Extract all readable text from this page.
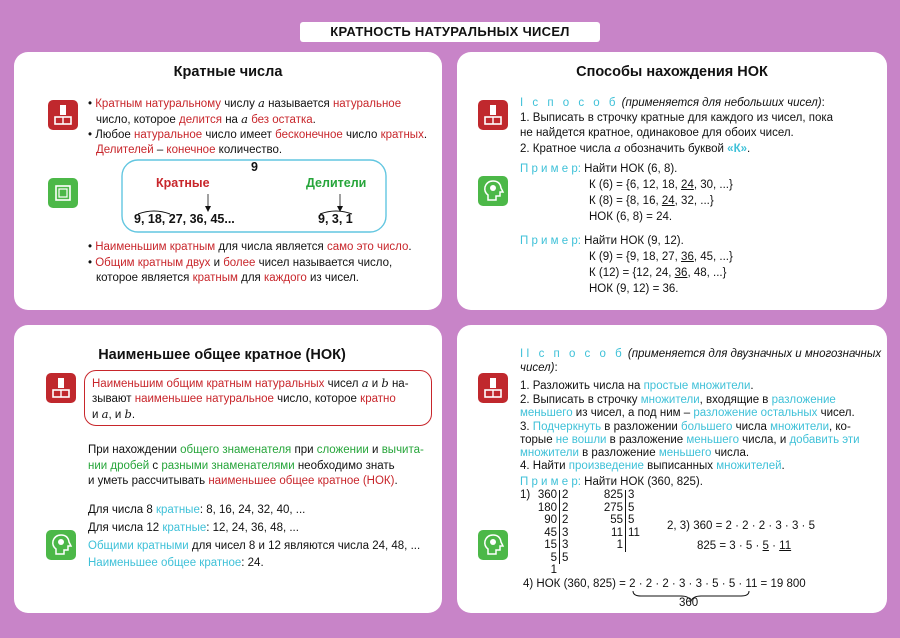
КРАТНОСТЬ НАТУРАЛЬНЫХ ЧИСЕЛ
Кратные числа
• Кратным натуральному числу a называется натуральное
число, которое делится на a без остатка.
• Любое натуральное число имеет бесконечное число кратных.
Делителей – конечное количество.
9
Кратные	Делители
9, 18, 27, 36, 45...	9, 3, 1
• Наименьшим кратным для числа является само это число.
• Общим кратным двух и более чисел называется число,
которое является кратным для каждого из чисел.
Способы нахождения НОК
I с п о с о б (применяется для небольших чисел):
1. Выписать в строчку кратные для каждого из чисел, пока
не найдется кратное, одинаковое для обоих чисел.
2. Кратное числа a обозначить буквой «К».
П р и м е р: Найти НОК (6, 8).
К (6) = {6, 12, 18, 24, 30, ...}
К (8) = {8, 16, 24, 32, ...}
НОК (6, 8) = 24.
П р и м е р: Найти НОК (9, 12).
К (9) = {9, 18, 27, 36, 45, ...}
К (12) = {12, 24, 36, 48, ...}
НОК (9, 12) = 36.
Наименьшее общее кратное (НОК)
Наименьшим общим кратным натуральных чисел a и b на-
зывают наименьшее натуральное число, которое кратно
и a, и b.
При нахождении общего знаменателя при сложении и вычита-
нии дробей с разными знаменателями необходимо знать
и уметь рассчитывать наименьшее общее кратное (НОК).
Для числа 8 кратные: 8, 16, 24, 32, 40, ...
Для числа 12 кратные: 12, 24, 36, 48, ...
Общими кратными для чисел 8 и 12 являются числа 24, 48, ...
Наименьшее общее кратное: 24.
II с п о с о б (применяется для двузначных и многозначных
чисел):
1. Разложить числа на простые множители.
2. Выписать в строчку множители, входящие в разложение
меньшего из чисел, а под ним – разложение остальных чисел.
3. Подчеркнуть в разложении большего числа множители, ко-
торые не вошли в разложение меньшего числа, и добавить эти
множители в разложение меньшего числа.
4. Найти произведение выписанных множителей.
П р и м е р: Найти НОК (360, 825).
1) 360
180
90
45
15
5
1
2
2
2
3
3
5
825
275
55
11
1
3
5
5
11
2, 3) 360 = 2 · 2 · 2 · 3 · 3 · 5
825 = 3 · 5 · 5 · 11
4) НОК (360, 825) = 2 · 2 · 2 · 3 · 3 · 5 · 5 · 11 = 19 800
360
